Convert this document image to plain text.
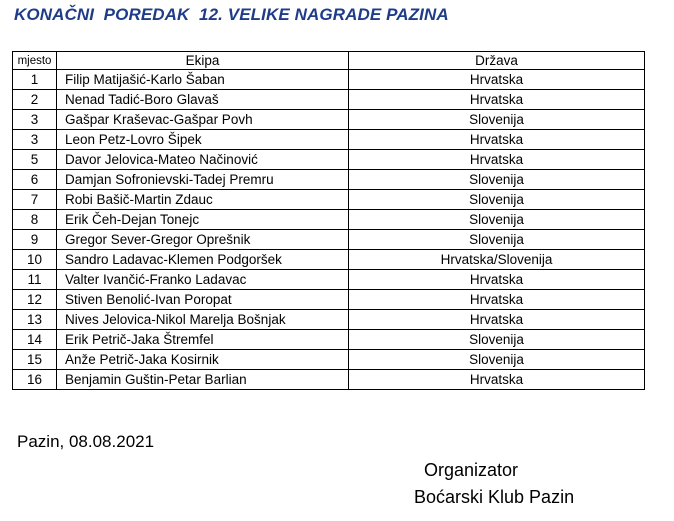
KONAČNI  POREDAK  12. VELIKE NAGRADE PAZINA
mjesto	Ekipa	Država
1	Filip Matijašić-Karlo Šaban	Hrvatska
2	Nenad Tadić-Boro Glavaš	Hrvatska
3	Gašpar Kraševac-Gašpar Povh	Slovenija
3	Leon Petz-Lovro Šipek	Hrvatska
5	Davor Jelovica-Mateo Načinović	Hrvatska
6	Damjan Sofronievski-Tadej Premru	Slovenija
7	Robi Bašič-Martin Zdauc	Slovenija
8	Erik Čeh-Dejan Tonejc	Slovenija
9	Gregor Sever-Gregor Oprešnik	Slovenija
10	Sandro Ladavac-Klemen Podgoršek	Hrvatska/Slovenija
11	Valter Ivančić-Franko Ladavac	Hrvatska
12	Stiven Benolić-Ivan Poropat	Hrvatska
13	Nives Jelovica-Nikol Marelja Bošnjak	Hrvatska
14	Erik Petrič-Jaka Štremfel	Slovenija
15	Anže Petrič-Jaka Kosirnik	Slovenija
16	Benjamin Guštin-Petar Barlian	Hrvatska
Pazin, 08.08.2021
Organizator
Boćarski Klub Pazin
